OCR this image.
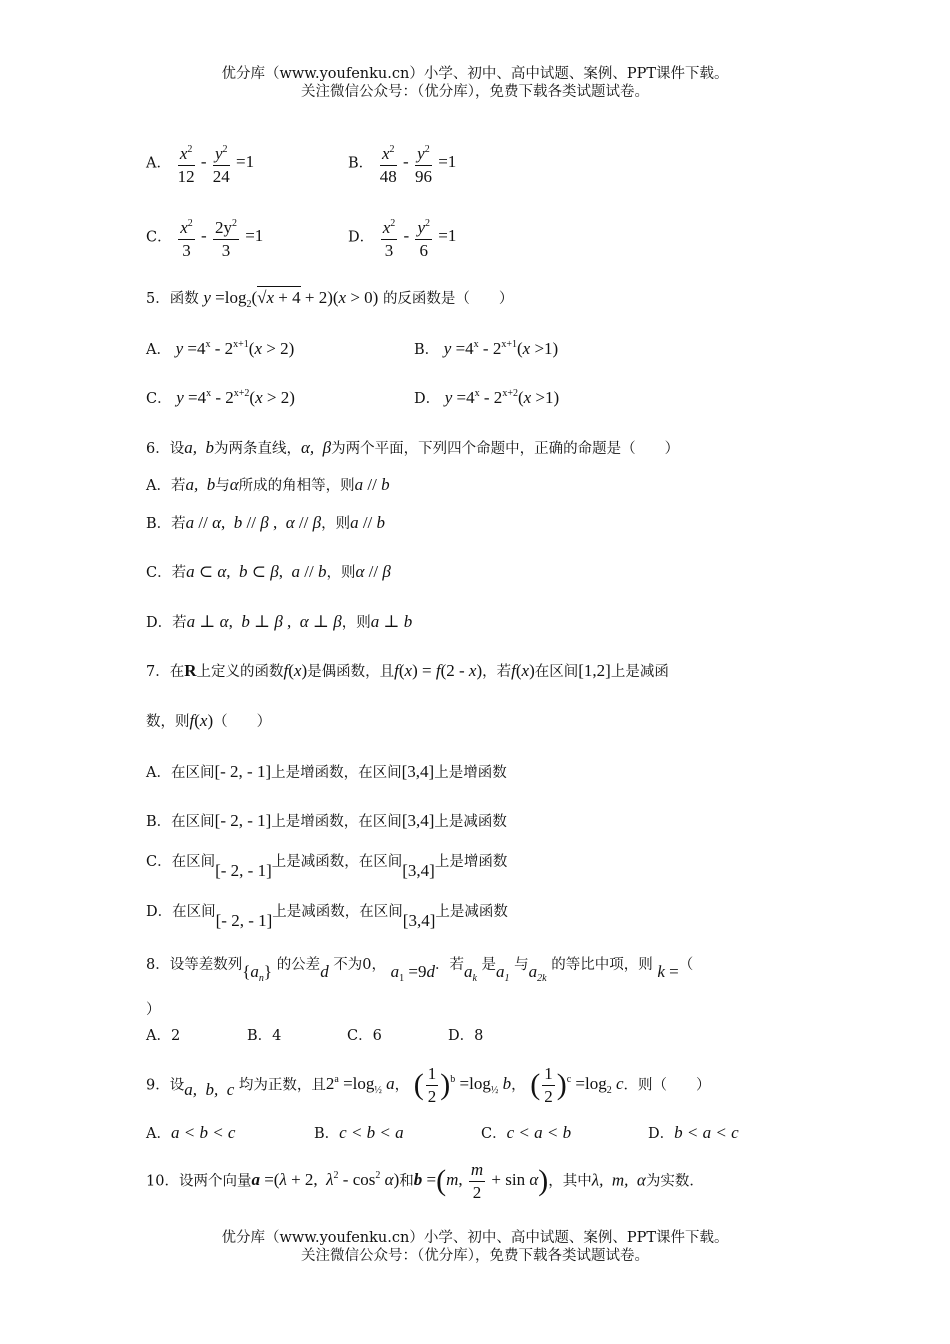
优分库（www.youfenku.cn）小学、初中、高中试题、案例、PPT课件下载。
关注微信公众号：（优分库），免费下载各类试题试卷。
A． $\frac{x^2}{12} - \frac{y^2}{24} =1$	B． $\frac{x^2}{48} - \frac{y^2}{96} =1$
C． $\frac{x^2}{3} - \frac{2y^2}{3} =1$	D． $\frac{x^2}{3} - \frac{y^2}{6} =1$
5．函数 $y =\log_2(√x + 4 + 2)(x > 0)$ 的反函数是（　　）
A． $y =4^x - 2^{x+1}(x > 2)$	B． $y =4^x - 2^{x+1}(x >1)$
C． $y =4^x - 2^{x+2}(x > 2)$	D． $y =4^x - 2^{x+2}(x >1)$
6．设a,  b为两条直线，α,  β为两个平面，下列四个命题中，正确的命题是（　　）
A．若a,  b与α所成的角相等，则a // b
B．若a // α,  b // β ,  α // β，则a // b
C．若a ⊂ α,  b ⊂ β,  a // b，则α // β
D．若a ⊥ α,  b ⊥ β ,  α ⊥ β，则a ⊥ b
7．在R上定义的函数f(x)是偶函数，且f(x) = f(2 - x)，若f(x)在区间[1,2]上是减函
数，则f(x)（　　）
A．在区间[- 2, - 1]上是增函数，在区间[3,4]上是增函数
B．在区间[- 2, - 1]上是增函数，在区间[3,4]上是减函数
C．在区间[- 2, - 1]上是减函数，在区间[3,4]上是增函数
D．在区间[- 2, - 1]上是减函数，在区间[3,4]上是减函数
8．设等差数列$\{a_n\}$ 的公差d 不为0， $a_1 =9d$．若$a_k$ 是$a_1$ 与$a_{2k}$ 的等比中项，则 k =（
）
A．2	B．4	C．6	D．8
9．设a,  b,  c 均为正数，且$2^a =\log_{\frac{1}{2}}$ a， ( $\frac{1}{2} )^b =\log_{\frac{1}{2}}$ b， ( $\frac{1}{2} )^c =\log_2$ c．则（　　）
A．a < b < c	B．c < b < a	C．c < a < b	D．b < a < c
10．设两个向量a =(λ + 2,  $\lambda^2 - \cos^2 \alpha$)和b =(m, $\frac{m}{2} + \sin \alpha$)，其中λ,  m,  α为实数．
优分库（www.youfenku.cn）小学、初中、高中试题、案例、PPT课件下载。
关注微信公众号：（优分库），免费下载各类试题试卷。
